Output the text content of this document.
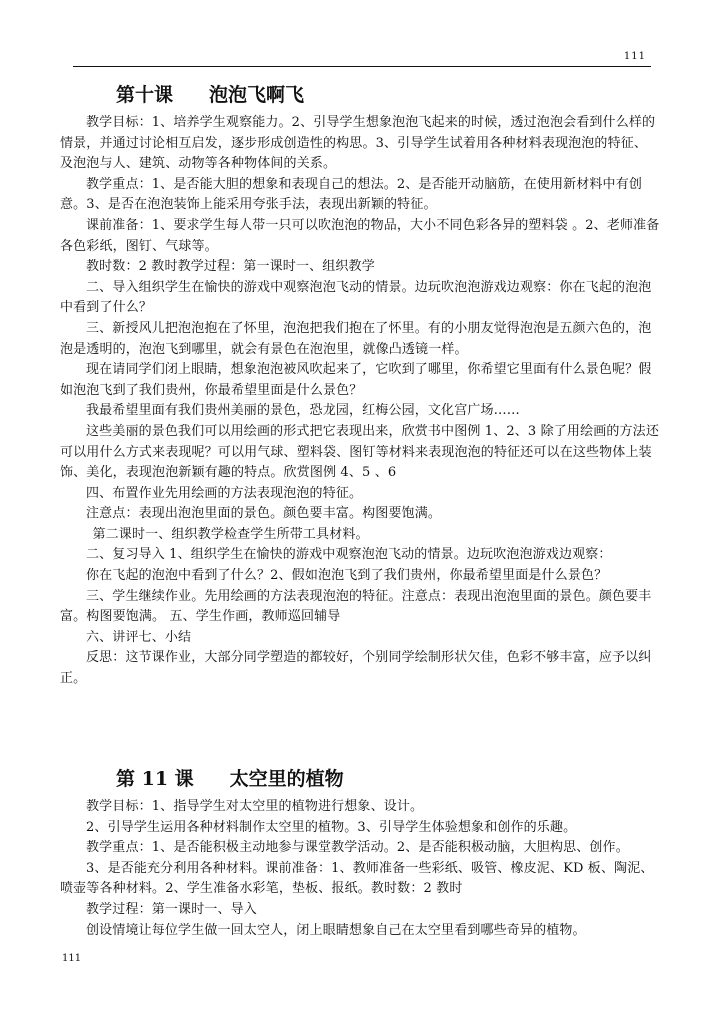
111
第十课 泡泡飞啊飞

教学目标：1、培养学生观察能力。2、引导学生想象泡泡飞起来的时候，透过泡泡会看到什么样的情景，并通过讨论相互启发，逐步形成创造性的构思。3、引导学生试着用各种材料表现泡泡的特征、及泡泡与人、建筑、动物等各种物体间的关系。

教学重点：1、是否能大胆的想象和表现自己的想法。2、是否能开动脑筋，在使用新材料中有创意。3、是否在泡泡装饰上能采用夸张手法，表现出新颖的特征。

课前准备：1、要求学生每人带一只可以吹泡泡的物品，大小不同色彩各异的塑料袋 。2、老师准备各色彩纸，图钉、气球等。

教时数：2 教时教学过程：第一课时一、组织教学

二、导入组织学生在愉快的游戏中观察泡泡飞动的情景。边玩吹泡泡游戏边观察：你在飞起的泡泡中看到了什么？

三、新授风儿把泡泡抱在了怀里，泡泡把我们抱在了怀里。有的小朋友觉得泡泡是五颜六色的，泡泡是透明的，泡泡飞到哪里，就会有景色在泡泡里，就像凸透镜一样。

现在请同学们闭上眼睛，想象泡泡被风吹起来了，它吹到了哪里，你希望它里面有什么景色呢？假如泡泡飞到了我们贵州，你最希望里面是什么景色？

我最希望里面有我们贵州美丽的景色，恐龙园，红梅公园，文化宫广场……

这些美丽的景色我们可以用绘画的形式把它表现出来，欣赏书中图例 1、2、3 除了用绘画的方法还可以用什么方式来表现呢？可以用气球、塑料袋、图钉等材料来表现泡泡的特征还可以在这些物体上装饰、美化，表现泡泡新颖有趣的特点。欣赏图例 4、5 、6

四、布置作业先用绘画的方法表现泡泡的特征。

注意点：表现出泡泡里面的景色。颜色要丰富。构图要饱满。

第二课时一、组织教学检查学生所带工具材料。

二、复习导入 1、组织学生在愉快的游戏中观察泡泡飞动的情景。边玩吹泡泡游戏边观察：

你在飞起的泡泡中看到了什么？2、假如泡泡飞到了我们贵州，你最希望里面是什么景色？

三、学生继续作业。先用绘画的方法表现泡泡的特征。注意点：表现出泡泡里面的景色。颜色要丰富。构图要饱满。 五、学生作画，教师巡回辅导

六、讲评七、小结

反思：这节课作业，大部分同学塑造的都较好，个别同学绘制形状欠佳，色彩不够丰富，应予以纠正。

第 11 课 太空里的植物

教学目标：1、指导学生对太空里的植物进行想象、设计。

2、引导学生运用各种材料制作太空里的植物。3、引导学生体验想象和创作的乐趣。

教学重点：1、是否能积极主动地参与课堂教学活动。2、是否能积极动脑，大胆构思、创作。

3、是否能充分利用各种材料。课前准备：1、教师准备一些彩纸、吸管、橡皮泥、KD 板、陶泥、喷壶等各种材料。2、学生准备水彩笔，垫板、报纸。教时数：2 教时

教学过程：第一课时一、导入

创设情境让每位学生做一回太空人，闭上眼睛想象自己在太空里看到哪些奇异的植物。

111
